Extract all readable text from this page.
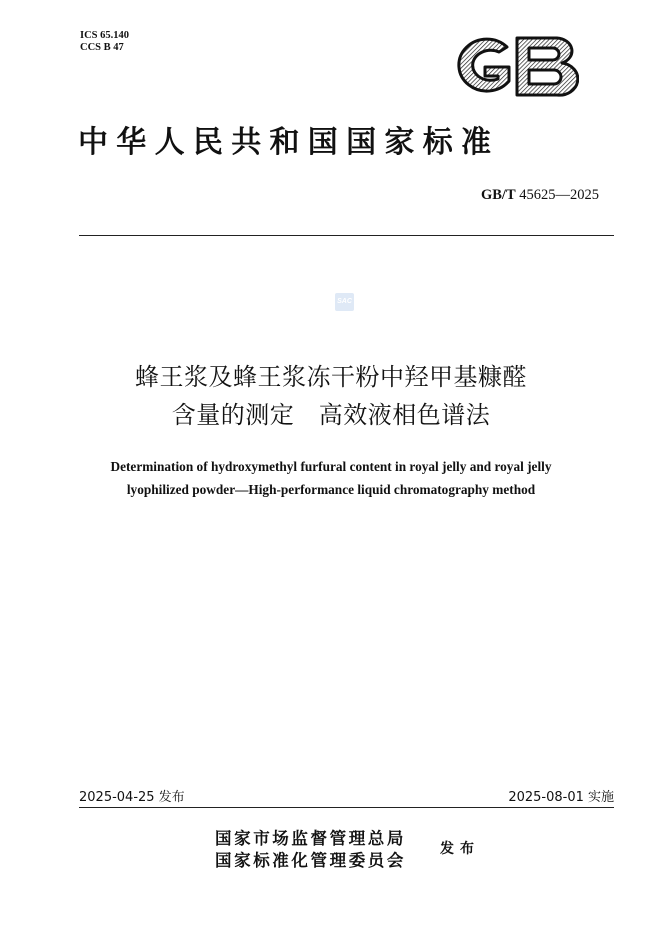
ICS 65.140
CCS B 47
中华人民共和国国家标准
GB/T 45625—2025
SAC
蜂王浆及蜂王浆冻干粉中羟甲基糠醛
含量的测定　高效液相色谱法
Determination of hydroxymethyl furfural content in royal jelly and royal jelly
lyophilized powder—High-performance liquid chromatography method
2025-04-25 发布	2025-08-01 实施
国家市场监督管理总局
国家标准化管理委员会
发布
